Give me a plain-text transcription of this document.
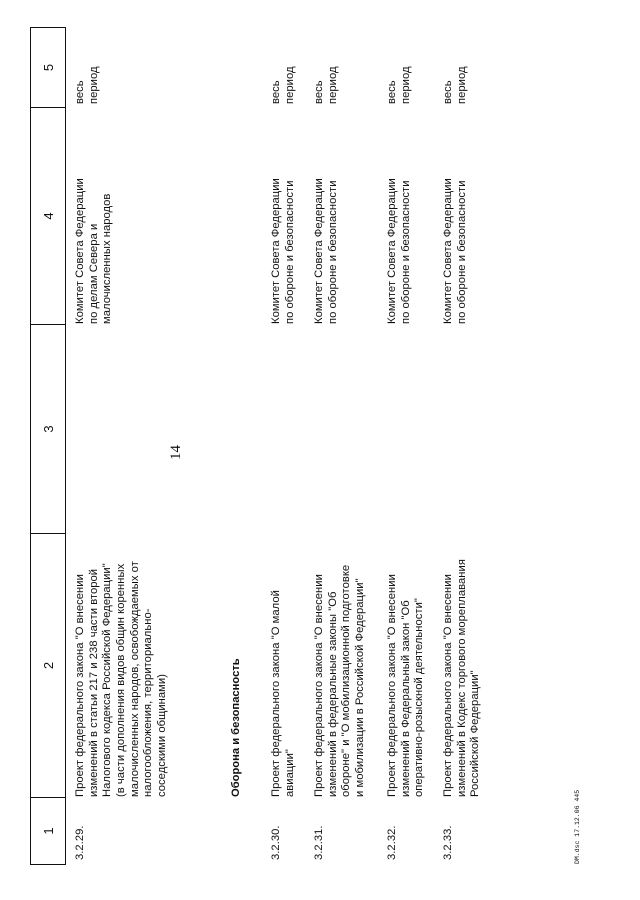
14
1
2
3
4
5
3.2.29.
Проект федерального закона "О внесении
изменений в статьи 217 и 238 части второй
Налогового кодекса Российской Федерации"
(в части дополнения видов общин коренных
малочисленных народов, освобождаемых от
налогообложения, территориально-
соседскими общинами)
Комитет Совета Федерации
по делам Севера и
малочисленных народов
весь
период
Оборона и безопасность
3.2.30.
Проект федерального закона "О малой
авиации"
Комитет Совета Федерации
по обороне и безопасности
весь
период
3.2.31.
Проект федерального закона "О внесении
изменений в федеральные законы "Об
обороне" и "О мобилизационной подготовке
и мобилизации в Российской Федерации"
Комитет Совета Федерации
по обороне и безопасности
весь
период
3.2.32.
Проект федерального закона "О внесении
изменений в Федеральный закон "Об
оперативно-розыскной деятельности"
Комитет Совета Федерации
по обороне и безопасности
весь
период
3.2.33.
Проект федерального закона "О внесении
изменений в Кодекс торгового мореплавания
Российской Федерации"
Комитет Совета Федерации
по обороне и безопасности
весь
период
DM.dsc 17.12.06 445
